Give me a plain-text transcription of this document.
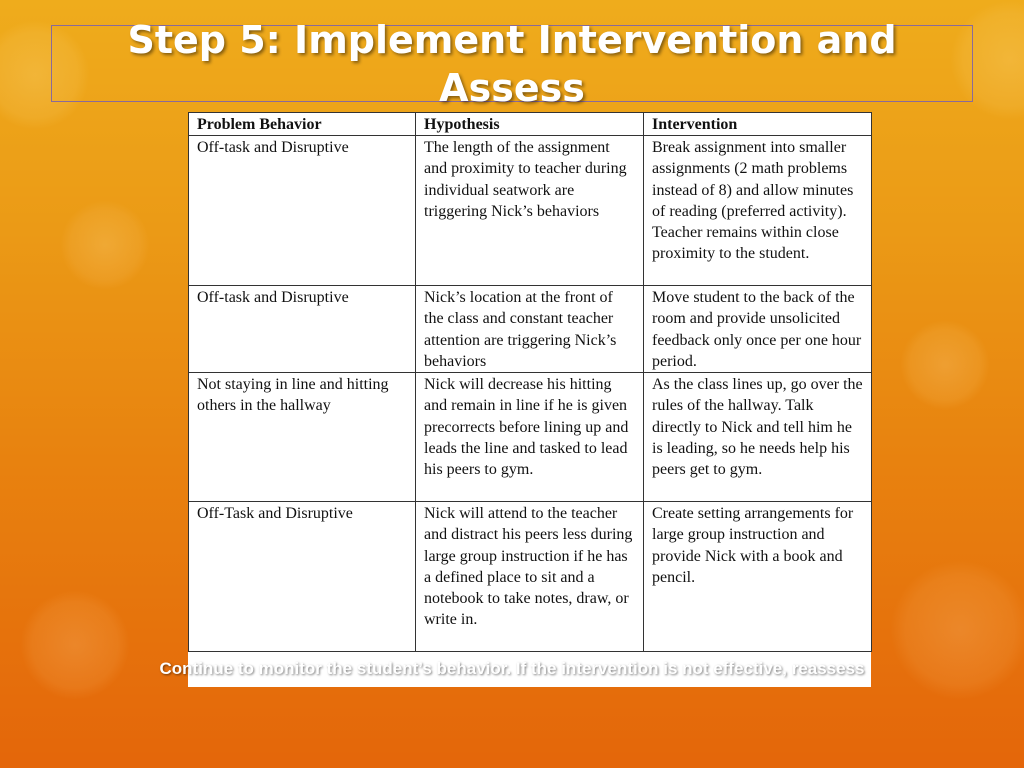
Step 5: Implement Intervention and Assess
Problem Behavior	Hypothesis	Intervention
Off-task and Disruptive	The length of the assignment and proximity to teacher during individual seatwork are triggering Nick’s behaviors	Break assignment into smaller assignments (2 math problems instead of 8) and allow minutes of reading (preferred activity). Teacher remains within close proximity to the student.
Off-task and Disruptive	Nick’s location at the front of the class and constant teacher attention are triggering Nick’s behaviors	Move student to the back of the room and provide unsolicited feedback only once per one hour period.
Not staying in line and hitting others in the hallway	Nick will decrease his hitting and remain in line if he is given precorrects before lining up and leads the line and tasked to lead his peers to gym.	As the class lines up, go over the rules of the hallway. Talk directly to Nick and tell him he is leading, so he needs help his peers get to gym.
Off-Task and Disruptive	Nick will attend to the teacher and distract his peers less during large group instruction if he has a defined place to sit and a notebook to take notes, draw, or write in.	Create setting arrangements for large group instruction and provide Nick with a book and pencil.

Continue to monitor the student’s behavior. If the intervention is not effective, reassess
